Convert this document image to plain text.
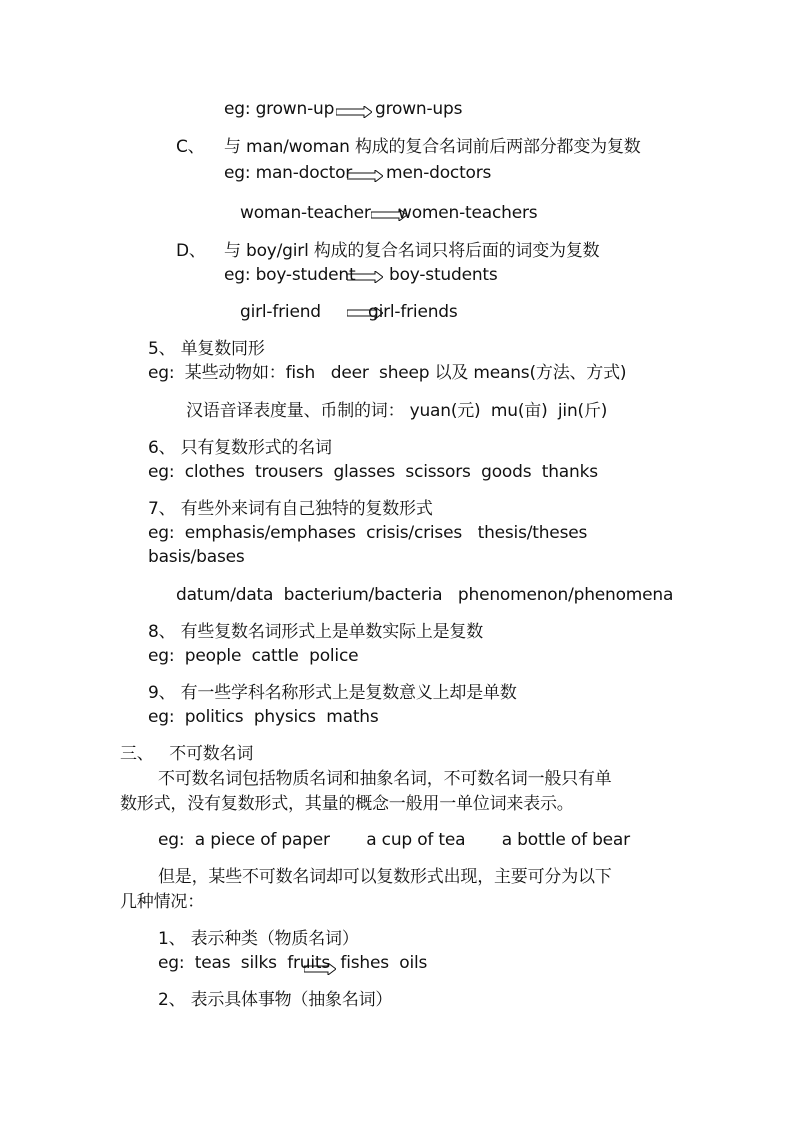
eg: grown-up grown-ups
C、 与 man/woman 构成的复合名词前后两部分都变为复数
eg: man-doctor men-doctors
woman-teacher women-teachers
D、 与 boy/girl 构成的复合名词只将后面的词变为复数
eg: boy-student boy-students
girl-friend	girl-friends
5、 单复数同形
eg:  某些动物如：fish   deer  sheep 以及 means(方法、方式)
汉语音译表度量、币制的词： yuan(元)  mu(亩)  jin(斤)
6、 只有复数形式的名词
eg:  clothes  trousers  glasses  scissors  goods  thanks
7、 有些外来词有自己独特的复数形式
eg:  emphasis/emphases  crisis/crises   thesis/theses
basis/bases
datum/data  bacterium/bacteria   phenomenon/phenomena
8、 有些复数名词形式上是单数实际上是复数
eg:  people  cattle  police
9、 有一些学科名称形式上是复数意义上却是单数
eg:  politics  physics  maths
三、   不可数名词
不可数名词包括物质名词和抽象名词，不可数名词一般只有单
数形式，没有复数形式，其量的概念一般用一单位词来表示。
eg:  a piece of paper       a cup of tea       a bottle of bear
但是，某些不可数名词却可以复数形式出现，主要可分为以下
几种情况：
1、 表示种类（物质名词）
eg:  teas  silks  fruits  fishes  oils
2、 表示具体事物（抽象名词）
